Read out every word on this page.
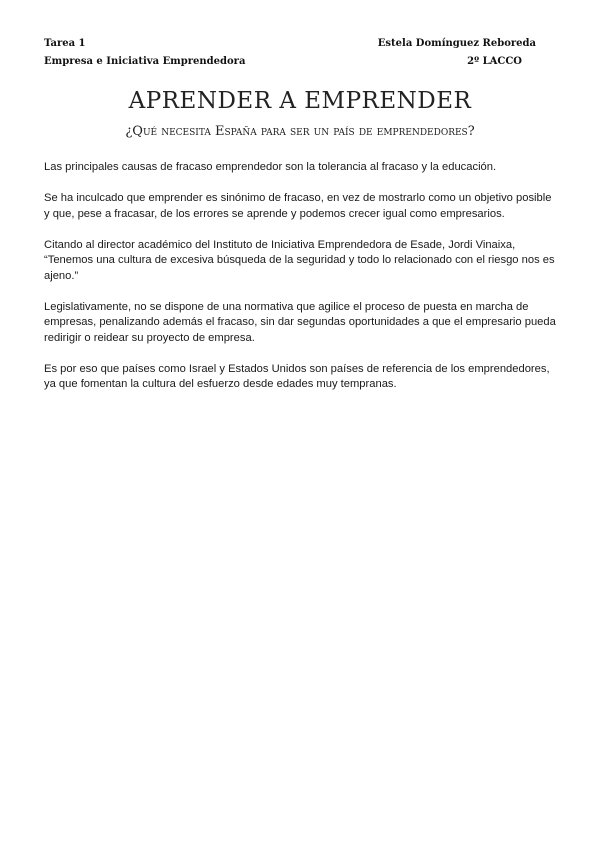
Tarea 1
Empresa e Iniciativa Emprendedora
Estela Domínguez Reboreda
2º LACCO
APRENDER A EMPRENDER
¿Qué necesita España para ser un país de emprendedores?

Las principales causas de fracaso emprendedor son la tolerancia al fracaso y la educación.

Se ha inculcado que emprender es sinónimo de fracaso, en vez de mostrarlo como un objetivo posible y que, pese a fracasar, de los errores se aprende y podemos crecer igual como empresarios.

Citando al director académico del Instituto de Iniciativa Emprendedora de Esade, Jordi Vinaixa, “Tenemos una cultura de excesiva búsqueda de la seguridad y todo lo relacionado con el riesgo nos es ajeno.”

Legislativamente, no se dispone de una normativa que agilice el proceso de puesta en marcha de empresas, penalizando además el fracaso, sin dar segundas oportunidades a que el empresario pueda redirigir o reidear su proyecto de empresa.

Es por eso que países como Israel y Estados Unidos son países de referencia de los emprendedores, ya que fomentan la cultura del esfuerzo desde edades muy tempranas.
